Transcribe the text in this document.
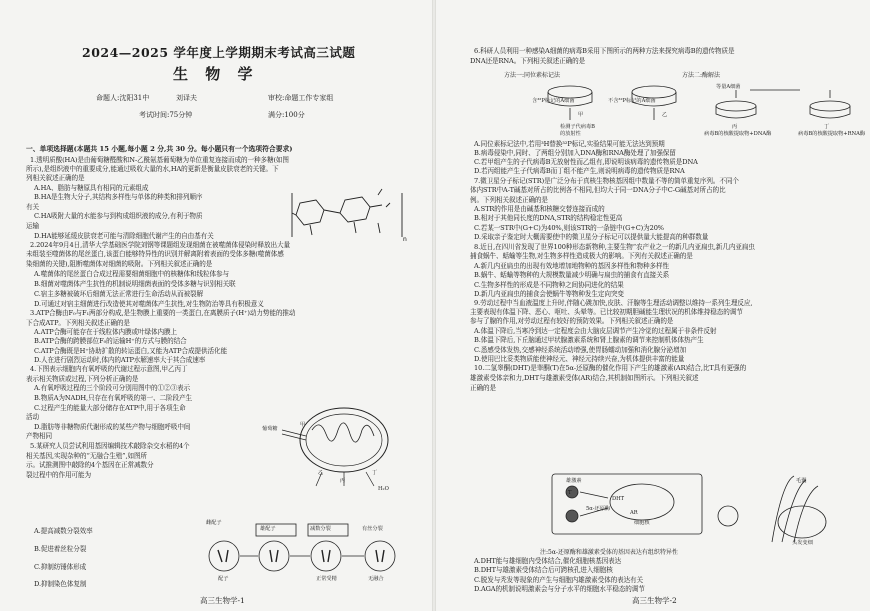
2024—2025 学年度上学期期末考试高三试题
生 物 学
命题人:沈阳31中	刘译夫	审校:命题工作专家组
考试时间:75分钟	满分:100分
一、单项选择题(本题共 15 小题,每小题 2 分,共 30 分。每小题只有一个选项符合要求)
1.透明质酸(HA)是由葡萄糖醛酸和N-乙酰氨基葡萄糖为单位重复连接而成的一种多糖(如图
所示),是组织液中的重要成分,能通过吸收大量的水,HA的更新是衡量皮肤衰老的关键。下
列相关叙述正确的是
A.HA、脂肪与糖原具有相同的元素组成
B.HA是生物大分子,其结构多样性与单体的种类和排列顺序
有关
C.HA吸附大量的水能参与到构成组织液的成分,有利于物质
运输
D.HA能够延缓皮肤衰老可能与清除细胞代谢产生的自由基有关
2.2024年9月4日,清华大学基础医学院刘钢等课题组发现细菌在被噬菌体侵染时释放出大量
未组装至噬菌体的尾丝蛋白,该蛋白能够特异性的识别并解离附着表面的受体多糖(噬菌体感
染细菌的关键),阻断噬菌体对细菌的吸附。下列相关叙述正确的是
A.噬菌体的尾丝蛋白合成过程需要细菌细胞中的核糖体和线粒体参与
B.细菌对噬菌体产生抗性的机制说明细菌表面的受体多糖与识别相关联
C.宿主多糖被破坏后细菌无法正常进行生命活动从而被裂解
D.可通过对宿主细菌进行改造使其对噬菌体产生抗性,对生物防治等具有积极意义
3.ATP合酶由F₀与F₁两部分构成,是生物膜上重要的一类蛋白,在离膜质子(H⁺)动力势能的推动
下合成ATP。下列相关叙述正确的是
A.ATP合酶可能存在于线粒体内膜或叶绿体内膜上
B.ATP合酶的跨膜部位F₀的运输H⁺的方式与膜的结合
C.ATP合酶既是H⁺协助扩散的转运蛋白,又能为ATP合成提供活化能
D.人在进行剧烈运动时,体内的ATP水解速率大于其合成速率
4.下图表示细胞内有氧呼吸的代谢过程示意图,甲乙丙丁
表示相关物质或过程,下列分析正确的是
A.有氧呼吸过程的三个阶段可分别用图中的①②③表示
B.物质A为NADH,只存在有氧呼吸的第一、二阶段产生
C.过程产生的能量大部分储存在ATP中,用于各项生命
活动
D.脂肪等非糖物质代谢形成的某些产物与细胞呼吸中间
产物相同
5.某研究人员尝试利用基因编辑技术敲除杂交水稻的4个
相关基因,实现杂种的“无融合生殖”,如图所
示。试推测图中敲除的4个基因在正常减数分
裂过程中的作用可能为
A.提高减数分裂效率
B.促进着丝粒分裂
C.抑制纺锤体形成
D.抑制染色体复制
n
葡萄糖
甲
乙
丙
丁
H₂O
雌配子
雄配子	减数分裂	有丝分裂
配子	正常受精	无融合
高三生物学-1
方法一:同位素标记法	方法二:酶解法
含³²P标记的A细菌
甲	乙
不含³²P标记的A细菌
检测子代病毒B
的放射性
等量A细菌
丙	丁
病毒B的核酸提取物+DNA酶	病毒B的核酸提取物+RNA酶
6.科研人员利用一种感染A细菌的病毒B采用下图所示的两种方法来探究病毒B的遗传物质是
DNA还是RNA。下列相关叙述正确的是
A.同位素标记法中,若用³H替换³²P标记,实验结果可能无法达到预期
B.病毒侵染中,同时、了两组分别加入DNA酶和RNA酶处理了加强保留
C.若甲组产生的子代病毒B无放射性而乙组有,即说明该病毒的遗传物质是DNA
D.若丙组能产生子代病毒B而丁组不能产生,则说明病毒的遗传物质是RNA
7.微卫星分子标记(STR)是广泛分布于真核生物核基因组中数量不等的简单重复序列。不同个
体内STR中A-T碱基对所占的比例各不相同,但均大于同一DNA分子中C-G碱基对所占的比
例。下列相关叙述正确的是
A.STR的作用是由碱基和核糖交替连接而成的
B.相对于其他同长度的DNA,STR的结构稳定性更高
C.若某一STR中(G+C)为40%,则该STR的一条链中(G+C)为20%
D.采取亲子鉴定时大概需要使中的微卫星分子标记可以提供量大能提高的种群数量
8.近日,在四川省发现了世界100种形态新物种,主要生物“农产业之一的新几内亚扁虫,新几内亚扁虫
捕食蜗牛、蛞蝓等生物,对生物多样性造成极大的影响。下列有关叙述正确的是
A.新几内亚扁虫的出现有效地增加地物种的基因多样性和物种多样性
B.蜗牛、蛞蝓等物种的大规模数量减少明确与扁虫的捕食有直接关系
C.生物多样性的形成是不同物种之间协同进化的结果
D.新几内亚扁虫的捕食会使蜗牛等物种发生定向突变
9.劳动过程中当血液温度上升时,伴随心跳加快,皮肤、汗腺等生理活动调整以维持一系列生理反应,
主要表现有体温下降、恶心、呕吐、头晕等。已比较初期胆碱能生理状况的机体维持稳态的调节
参与了腺的作用,对劳动过程有较好的预防效果。下列相关叙述正确的是
A.体温下降后,当寒冷到达一定程度会由大脑皮层调节产生冷觉的过程属于非条件反射
B.体温下降后,下丘脑通过甲状腺激素系统和肾上腺素的调节来控制机体体热产生
C.悉感受体发热,交感神经系统活动增强,使胃肠蠕动加强和消化腺分泌增加
D.使用巴比妥类物质能使神经元、神经元持续兴奋,为机体提供丰富的能量
10.二氢睾酮(DHT)是睾酮(T)在5α-还原酶的催化作用下产生的雄激素(AR)结合,比T具有更强的
雄激素受体亲和力,DHT与雄激素受体(AR)结合,其机制如图所示。下列相关叙述
正确的是
A.DHT能与雄细胞内受体结合,催化细胞核基因表达
B.DHT与雄激素受体结合后可跨核孔进入细胞核
C.脱发与秃发等现象的产生与细胞内雄激素受体的表达有关
D.AGA的机制说明激素会与分子水平的细胞水平稳态的调节
雄激素
T
DHT
5α-还原酶
AR
细胞核
毛囊
头发变细
注:5α-还原酶和雄激素受体的基因表达有组织特异性
高三生物学-2
